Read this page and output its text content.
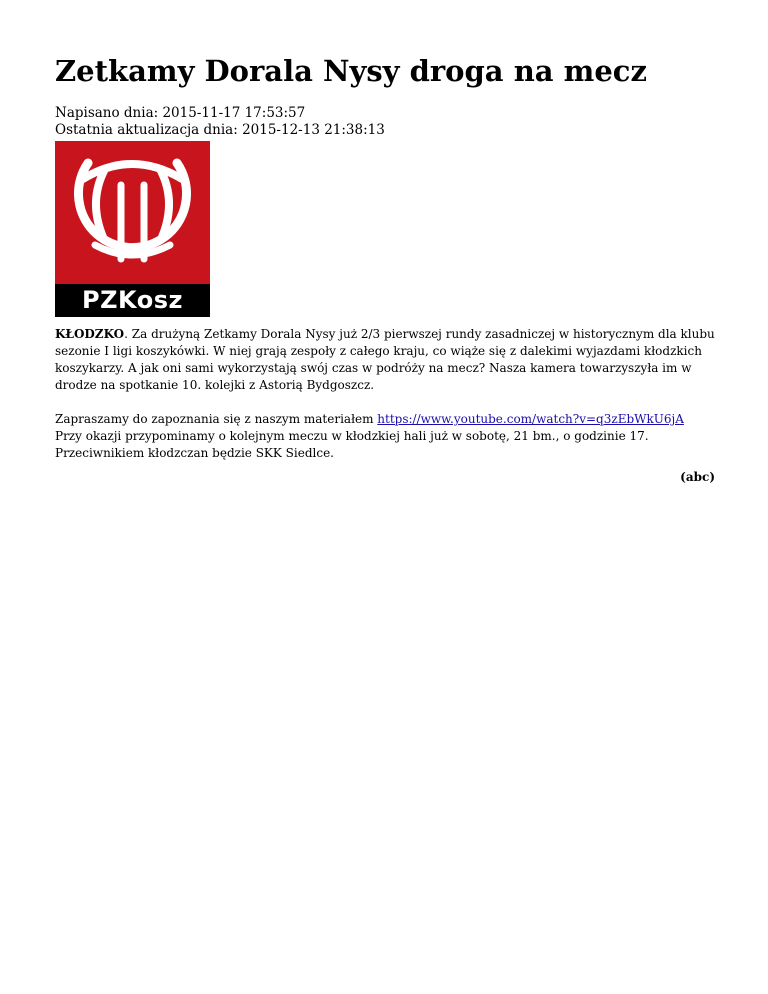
Zetkamy Dorala Nysy droga na mecz
Napisano dnia: 2015-11-17 17:53:57
Ostatnia aktualizacja dnia: 2015-12-13 21:38:13
PZKosz

KŁODZKO. Za drużyną Zetkamy Dorala Nysy już 2/3 pierwszej rundy zasadniczej w historycznym dla klubu sezonie I ligi koszykówki. W niej grają zespoły z całego kraju, co wiąże się z dalekimi wyjazdami kłodzkich koszykarzy. A jak oni sami wykorzystają swój czas w podróży na mecz? Nasza kamera towarzyszyła im w drodze na spotkanie 10. kolejki z Astorią Bydgoszcz.

Zapraszamy do zapoznania się z naszym materiałem https://www.youtube.com/watch?v=q3zEbWkU6jA
Przy okazji przypominamy o kolejnym meczu w kłodzkiej hali już w sobotę, 21 bm., o godzinie 17. Przeciwnikiem kłodzczan będzie SKK Siedlce.

(abc)
